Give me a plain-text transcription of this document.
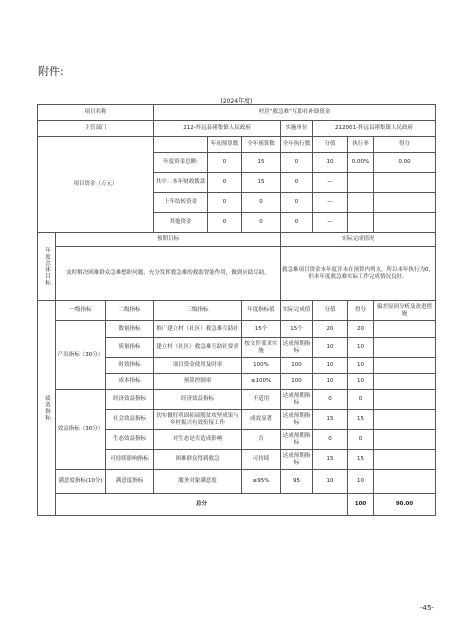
附件:
(2024年度)
项目名称			村居“救急难”互助社补助资金							
主管部门			212-怀远县褚集镇人民政府			实施单位	212001-怀远县褚集镇人民政府			
项目资金（万元）				年初预算数	全年预算数	全年执行数	分值	执行率	得分	
			年度资金总额:	0	15	0	10	0.00%	0.00	
			其中：本年财政拨款	0	15	0	—			
			上年结转资金	0	0	0	—			
			其他资金	0	0	0	—			
年度总体目标	预期目标					实际完成情况				
	及时解决困难群众急难愁盼问题，充分发挥救急难的救助智能作用，做到应助尽助。					救急难项目资金本年度并未在预算内列支，所以本年执行为0，但本年度救急难实际工作完成情况良好。				
绩效指标	一级指标	二级指标	三级指标		年度指标值	实际完成值	分值	得分	偏差原因分析及改进措施	
	产出指标（30分）	数量指标	推广建立村（社区）救急难互助社		15个	15个	20	20		
		质量指标	建立村（社区）救急难互助社要求		按文件要求实施	达成预期指标	10	10		
		时效指标	项目资金使用及时率		100%	100	10	10		
		成本指标	预算控制率		≤100%	100	10	10		
	效益指标（30分）	经济效益指标	经济效益指标		不适用	达成预期指标	0	0		
		社会效益指标	切实做好巩固拓展脱贫攻坚成果与乡村振兴有效衔接工作		成效显著	达成预期指标	15	15		
		生态效益指标	对生态是否造成影响		否	达成预期指标	0	0		
		可持续影响指标	困难群众得到救急		可持续	达成预期指标	15	15		
	满意度指标(10分)	满意度指标	服务对象满意度		≥95%	95	10	10		
	总分							100	90.00	
-45-
